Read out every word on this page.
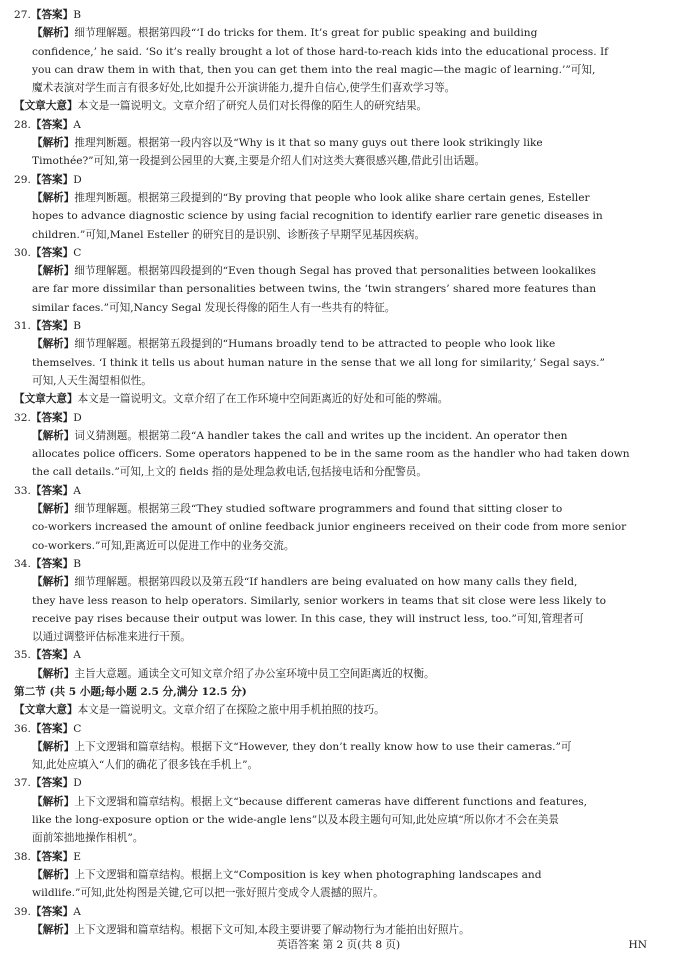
27.【答案】B
【解析】细节理解题。根据第四段“‘I do tricks for them. It’s great for public speaking and building
confidence,’ he said. ‘So it’s really brought a lot of those hard-to-reach kids into the educational process. If
you can draw them in with that, then you can get them into the real magic—the magic of learning.’”可知,
魔术表演对学生而言有很多好处,比如提升公开演讲能力,提升自信心,使学生们喜欢学习等。
【文章大意】本文是一篇说明文。文章介绍了研究人员们对长得像的陌生人的研究结果。
28.【答案】A
【解析】推理判断题。根据第一段内容以及“Why is it that so many guys out there look strikingly like
Timothée?”可知,第一段提到公园里的大赛,主要是介绍人们对这类大赛很感兴趣,借此引出话题。
29.【答案】D
【解析】推理判断题。根据第三段提到的“By proving that people who look alike share certain genes, Esteller
hopes to advance diagnostic science by using facial recognition to identify earlier rare genetic diseases in
children.”可知,Manel Esteller 的研究目的是识别、诊断孩子早期罕见基因疾病。
30.【答案】C
【解析】细节理解题。根据第四段提到的“Even though Segal has proved that personalities between lookalikes
are far more dissimilar than personalities between twins, the ‘twin strangers’ shared more features than
similar faces.”可知,Nancy Segal 发现长得像的陌生人有一些共有的特征。
31.【答案】B
【解析】细节理解题。根据第五段提到的“Humans broadly tend to be attracted to people who look like
themselves. ‘I think it tells us about human nature in the sense that we all long for similarity,’ Segal says.”
可知,人天生渴望相似性。
【文章大意】本文是一篇说明文。文章介绍了在工作环境中空间距离近的好处和可能的弊端。
32.【答案】D
【解析】词义猜测题。根据第二段“A handler takes the call and writes up the incident. An operator then
allocates police officers. Some operators happened to be in the same room as the handler who had taken down
the call details.”可知,上文的 fields 指的是处理急救电话,包括接电话和分配警员。
33.【答案】A
【解析】细节理解题。根据第三段“They studied software programmers and found that sitting closer to
co-workers increased the amount of online feedback junior engineers received on their code from more senior
co-workers.”可知,距离近可以促进工作中的业务交流。
34.【答案】B
【解析】细节理解题。根据第四段以及第五段“If handlers are being evaluated on how many calls they field,
they have less reason to help operators. Similarly, senior workers in teams that sit close were less likely to
receive pay rises because their output was lower. In this case, they will instruct less, too.”可知,管理者可
以通过调整评估标准来进行干预。
35.【答案】A
【解析】主旨大意题。通读全文可知文章介绍了办公室环境中员工空间距离近的权衡。
第二节 (共 5 小题;每小题 2.5 分,满分 12.5 分)
【文章大意】本文是一篇说明文。文章介绍了在探险之旅中用手机拍照的技巧。
36.【答案】C
【解析】上下文逻辑和篇章结构。根据下文“However, they don’t really know how to use their cameras.”可
知,此处应填入“人们的确花了很多钱在手机上”。
37.【答案】D
【解析】上下文逻辑和篇章结构。根据上文“because different cameras have different functions and features,
like the long-exposure option or the wide-angle lens”以及本段主题句可知,此处应填“所以你才不会在美景
面前笨拙地操作相机”。
38.【答案】E
【解析】上下文逻辑和篇章结构。根据上文“Composition is key when photographing landscapes and
wildlife.”可知,此处构图是关键,它可以把一张好照片变成令人震撼的照片。
39.【答案】A
【解析】上下文逻辑和篇章结构。根据下文可知,本段主要讲要了解动物行为才能拍出好照片。
英语答案 第 2 页(共 8 页)	HN
